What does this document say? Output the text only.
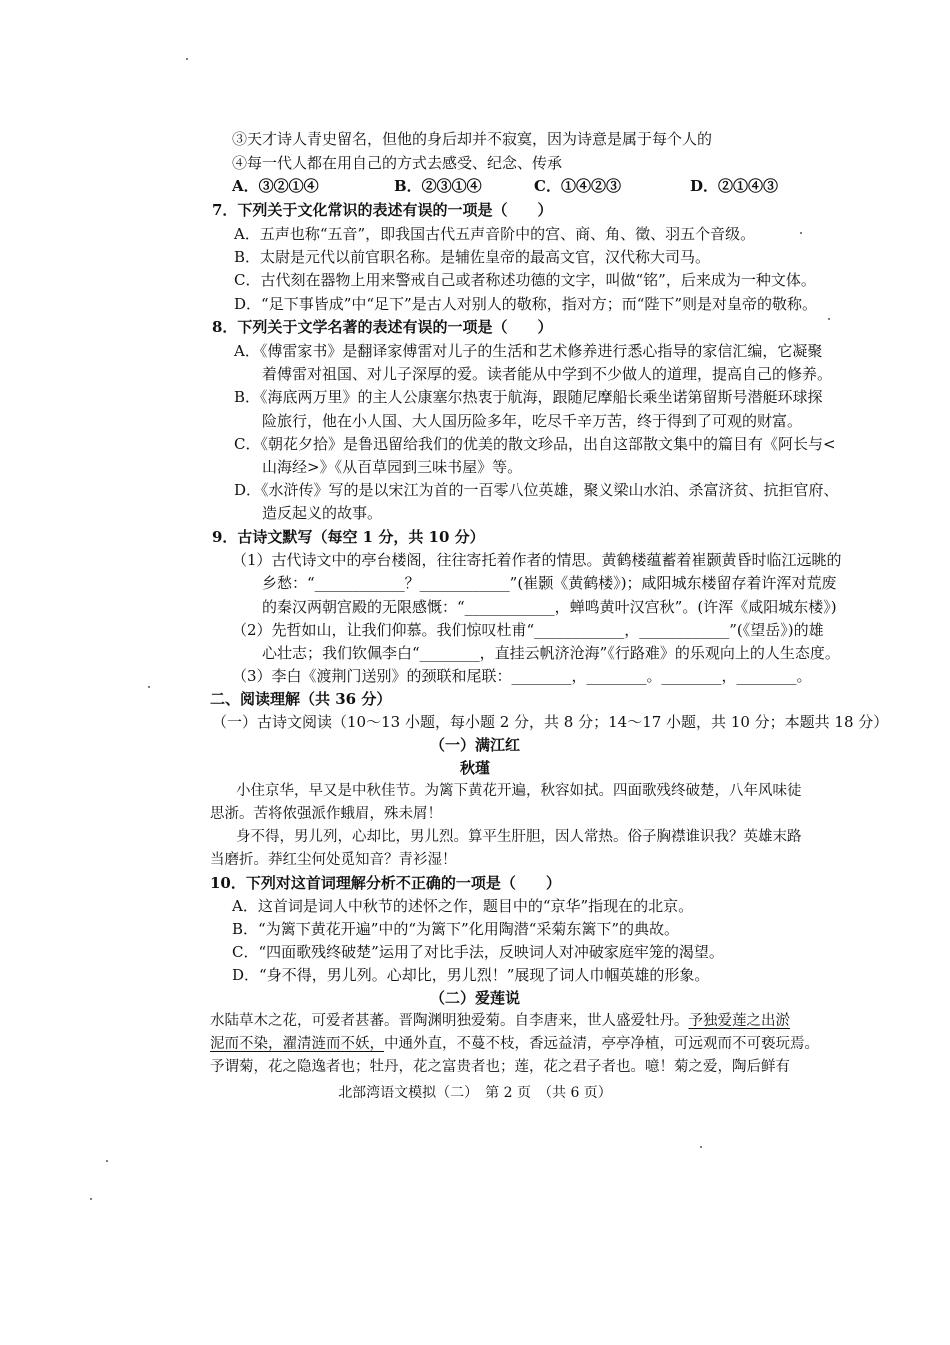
③天才诗人青史留名，但他的身后却并不寂寞，因为诗意是属于每个人的
④每一代人都在用自己的方式去感受、纪念、传承
A．③②①④	B．②③①④	C．①④②③	D．②①④③
7．下列关于文化常识的表述有误的一项是（　　）
A．五声也称“五音”，即我国古代五声音阶中的宫、商、角、徵、羽五个音级。
B．太尉是元代以前官职名称。是辅佐皇帝的最高文官，汉代称大司马。
C．古代刻在器物上用来警戒自己或者称述功德的文字，叫做“铭”，后来成为一种文体。
D．“足下事皆成”中“足下”是古人对别人的敬称，指对方；而“陛下”则是对皇帝的敬称。
8．下列关于文学名著的表述有误的一项是（　　）
A．《傅雷家书》是翻译家傅雷对儿子的生活和艺术修养进行悉心指导的家信汇编，它凝聚
着傅雷对祖国、对儿子深厚的爱。读者能从中学到不少做人的道理，提高自己的修养。
B．《海底两万里》的主人公康塞尔热衷于航海，跟随尼摩船长乘坐诺第留斯号潜艇环球探
险旅行，他在小人国、大人国历险多年，吃尽千辛万苦，终于得到了可观的财富。
C．《朝花夕拾》是鲁迅留给我们的优美的散文珍品，出自这部散文集中的篇目有《阿长与<
山海经>》《从百草园到三味书屋》等。
D．《水浒传》写的是以宋江为首的一百零八位英雄，聚义梁山水泊、杀富济贫、抗拒官府、
造反起义的故事。
9．古诗文默写（每空 1 分，共 10 分）
（1）古代诗文中的亭台楼阁，往往寄托着作者的情思。黄鹤楼蕴蓄着崔颢黄昏时临江远眺的
乡愁：“____________？____________”(崔颢《黄鹤楼》)；咸阳城东楼留存着许浑对荒废
的秦汉两朝宫殿的无限感慨：“____________，蝉鸣黄叶汉宫秋”。(许浑《咸阳城东楼》)
（2）先哲如山，让我们仰慕。我们惊叹杜甫“____________，____________”(《望岳》)的雄
心壮志；我们钦佩李白“________，直挂云帆济沧海”《行路难》的乐观向上的人生态度。
（3）李白《渡荆门送别》的颈联和尾联：________，________。________，________。
二、阅读理解（共 36 分）
（一）古诗文阅读（10～13 小题，每小题 2 分，共 8 分；14～17 小题，共 10 分；本题共 18 分）
（一）满江红
秋瑾
小住京华，早又是中秋佳节。为篱下黄花开遍，秋容如拭。四面歌残终破楚，八年风味徒
思浙。苦将侬强派作蛾眉，殊未屑！
身不得，男儿列，心却比，男儿烈。算平生肝胆，因人常热。俗子胸襟谁识我？英雄末路
当磨折。莽红尘何处觅知音？青衫湿！
10．下列对这首词理解分析不正确的一项是（　　）
A．这首词是词人中秋节的述怀之作，题目中的“京华”指现在的北京。
B．“为篱下黄花开遍”中的“为篱下”化用陶潜“采菊东篱下”的典故。
C．“四面歌残终破楚”运用了对比手法，反映词人对冲破家庭牢笼的渴望。
D．“身不得，男儿列。心却比，男儿烈！”展现了词人巾帼英雄的形象。
（二）爱莲说
水陆草木之花，可爱者甚蕃。晋陶渊明独爱菊。自李唐来，世人盛爱牡丹。予独爱莲之出淤
泥而不染，濯清涟而不妖，中通外直，不蔓不枝，香远益清，亭亭净植，可远观而不可亵玩焉。
予谓菊，花之隐逸者也；牡丹，花之富贵者也；莲，花之君子者也。噫！菊之爱，陶后鲜有
北部湾语文模拟（二）　第 2 页　（共 6 页）
